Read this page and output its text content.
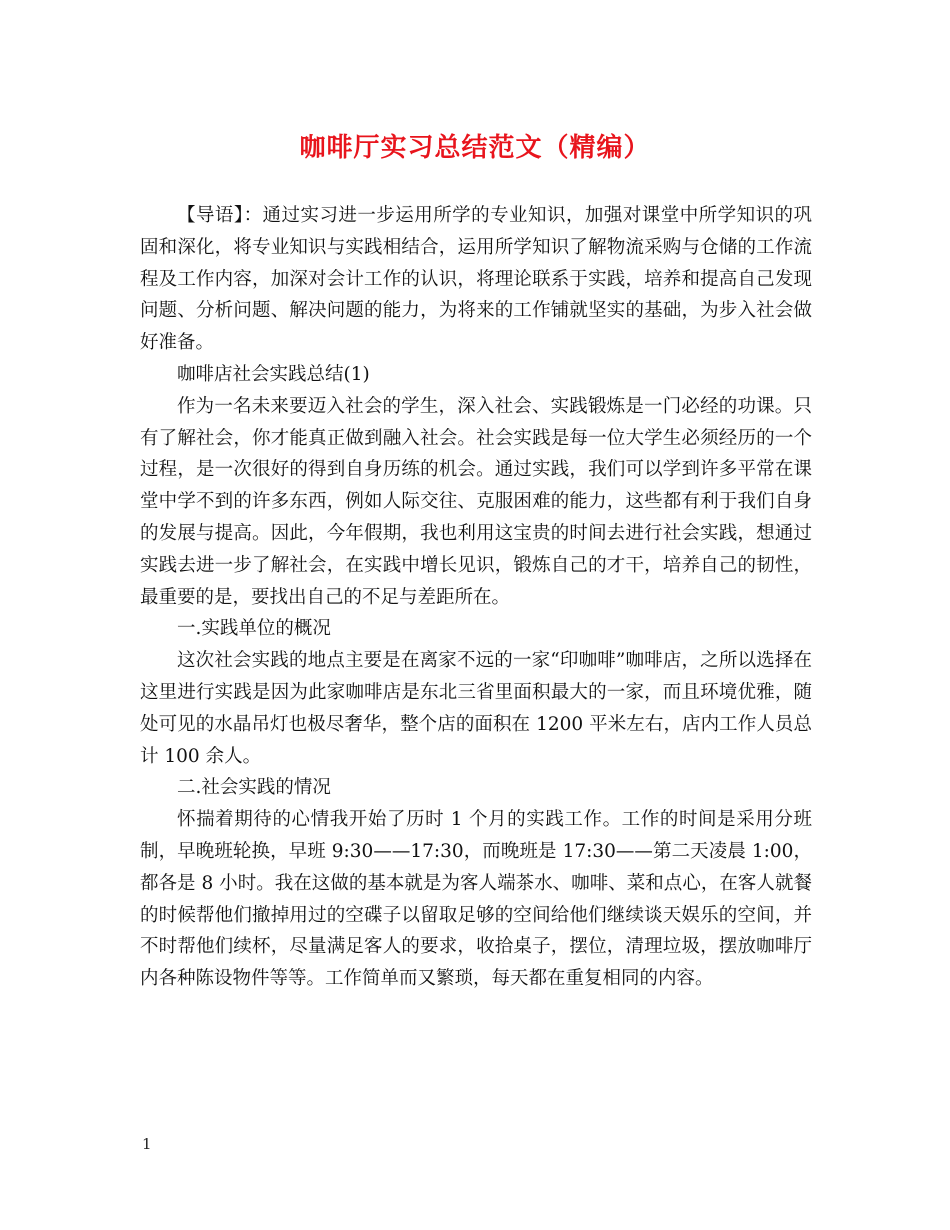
咖啡厅实习总结范文（精编）

【导语】：通过实习进一步运用所学的专业知识，加强对课堂中所学知识的巩固和深化，将专业知识与实践相结合，运用所学知识了解物流采购与仓储的工作流程及工作内容，加深对会计工作的认识，将理论联系于实践，培养和提高自己发现问题、分析问题、解决问题的能力，为将来的工作铺就坚实的基础，为步入社会做好准备。

咖啡店社会实践总结(1)

作为一名未来要迈入社会的学生，深入社会、实践锻炼是一门必经的功课。只有了解社会，你才能真正做到融入社会。社会实践是每一位大学生必须经历的一个过程，是一次很好的得到自身历练的机会。通过实践，我们可以学到许多平常在课堂中学不到的许多东西，例如人际交往、克服困难的能力，这些都有利于我们自身的发展与提高。因此，今年假期，我也利用这宝贵的时间去进行社会实践，想通过实践去进一步了解社会，在实践中增长见识，锻炼自己的才干，培养自己的韧性，最重要的是，要找出自己的不足与差距所在。

一.实践单位的概况

这次社会实践的地点主要是在离家不远的一家“印咖啡”咖啡店，之所以选择在这里进行实践是因为此家咖啡店是东北三省里面积最大的一家，而且环境优雅，随处可见的水晶吊灯也极尽奢华，整个店的面积在 1200 平米左右，店内工作人员总计 100 余人。

二.社会实践的情况

怀揣着期待的心情我开始了历时 1 个月的实践工作。工作的时间是采用分班制，早晚班轮换，早班 9:30——17:30，而晚班是 17:30——第二天凌晨 1:00，都各是 8 小时。我在这做的基本就是为客人端茶水、咖啡、菜和点心，在客人就餐的时候帮他们撤掉用过的空碟子以留取足够的空间给他们继续谈天娱乐的空间，并不时帮他们续杯，尽量满足客人的要求，收拾桌子，摆位，清理垃圾，摆放咖啡厅内各种陈设物件等等。工作简单而又繁琐，每天都在重复相同的内容。

1
